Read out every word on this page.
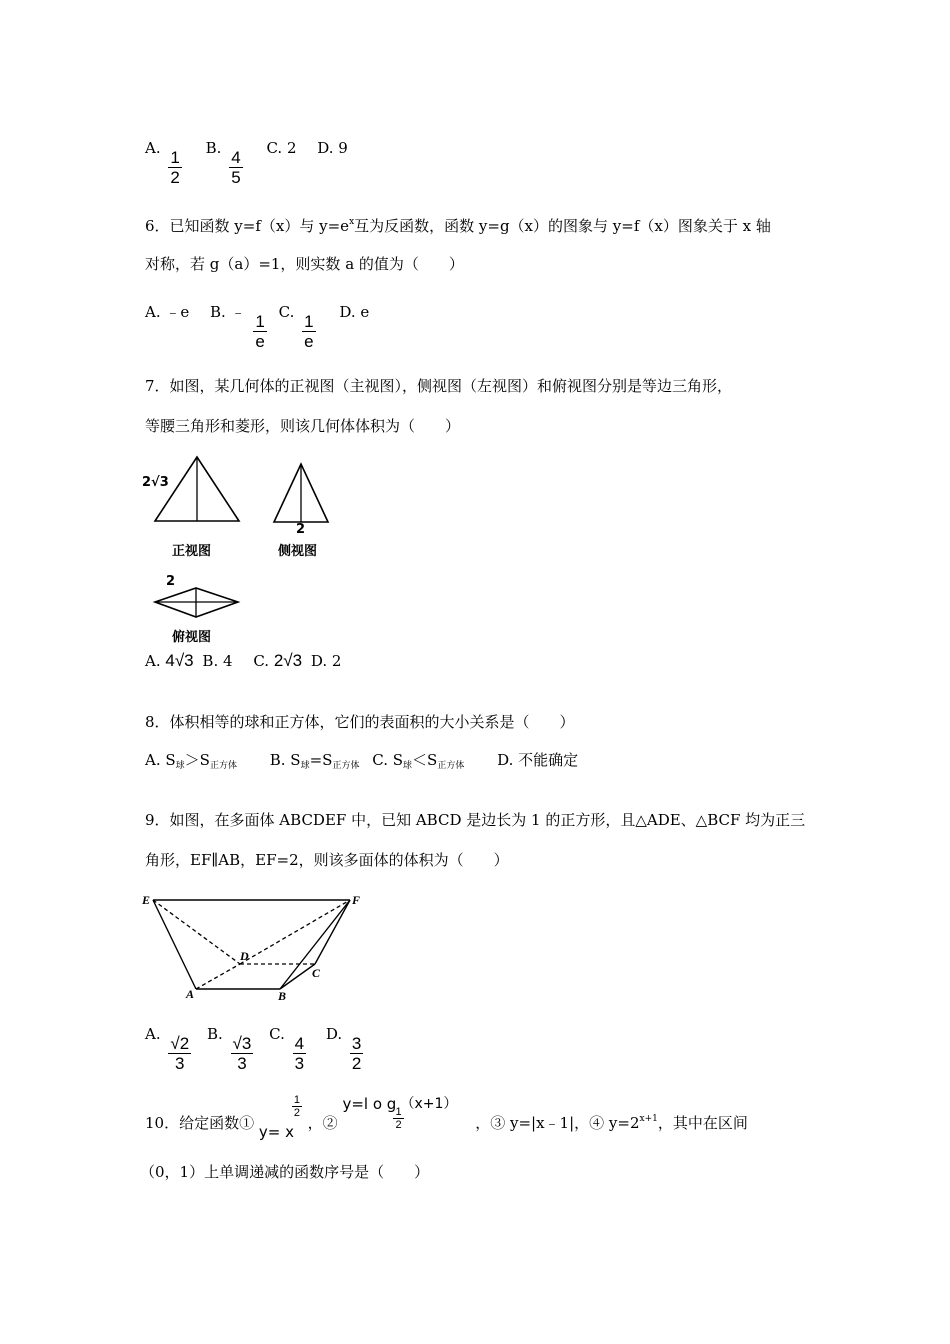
A. $\frac{1}{2} B$. $\frac{4}{5} C$. 2 D. 9
6．已知函数 y=f（x）与 $y=e^x$互为反函数，函数 y=g（x）的图象与 y=f（x）图象关于 x 轴
对称，若 g（a）=1，则实数 a 的值为（　　）
A. ﹣e B. ﹣ $\frac{1}{e} C$. $\frac{1}{e} D$. e
7．如图，某几何体的正视图（主视图），侧视图（左视图）和俯视图分别是等边三角形，
等腰三角形和菱形，则该几何体体积为（　　）
2√3
正视图
2
侧视图
2
俯视图
A. 4√3 B. 4 C. 2√3 D. 2
8．体积相等的球和正方体，它们的表面积的大小关系是（　　）
A. $S_球>S_{正方体}$ B. $S_球=S_{正方体}$ C. $S_球<S_{正方体}$ D. 不能确定
9．如图，在多面体 ABCDEF 中，已知 ABCD 是边长为 1 的正方形，且△ADE、△BCF 均为正三
角形，EF∥AB，EF=2，则该多面体的体积为（　　）
E	F
D
C
A	B
A. $\frac{√2}{3} B$. $\frac{√3}{3} C$. $\frac{4}{3} D$. $\frac{3}{2}$
10．给定函数① y= x
$\frac{1}{2}$
，②
y=l o g
$\frac{1}{2}$
（x+1）
，③ y=|x﹣1|，④ $y=2^{x+1}$，其中在区间
（0，1）上单调递减的函数序号是（　　）
